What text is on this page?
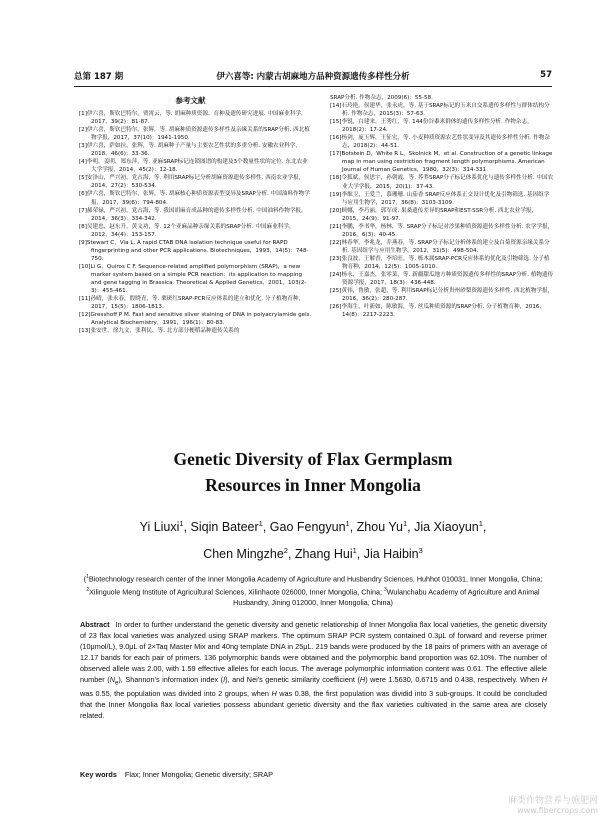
总第 187 期	伊六喜等: 内蒙古胡麻地方品种资源遗传多样性分析	57
参考文献

[1]伊六喜，斯钦巴特尔，贾霄云，等. 胡麻种质资源、育种及遗传研究进展. 中国麻业科学，2017，39(2)：81-87.

[2]伊六喜，斯钦巴特尔，张辉，等. 胡麻种质资源遗传多样性及亲缘关系的SRAP分析. 西北植物学报，2017，37(10)：1941-1950.

[3]伊六喜，萨如拉，张辉，等. 胡麻种子产量与主要农艺性状的多重分析. 安徽农业科学，2018，46(6)：33-36.

[4]李明，姜明，郑东萍，等. 亚麻SRAP标记连锁图谱的构建及3个数量性状的定位. 东北农业大学学报，2014，45(2)：12-18.

[5]安泽山，严兴初，党占海，等. 利用SRAP标记分析胡麻资源遗传多样性. 西南农业学报，2014，27(2)：530-534.

[6]伊六喜，斯钦巴特尔，张辉，等. 胡麻核心种质资源表型变异及SRAP分析. 中国油料作物学报，2017，39(6)：794-804.

[7]郝荣禄，严兴初，党占海，等. 我国胡麻育成品种的遗传多样性分析. 中国油料作物学报，2014，36(3)：334-342.

[8]吴建忠，赵东升，黄文功，等. 12个亚麻品种亲缘关系的SRAP分析. 中国麻业科学，2012，34(4)：153-157.

[9]Stewart C，Via L. A rapid CTAB DNA isolation technique useful for RAPD fingerprinting and other PCR applications. Biotechniques，1993，14(5)：748-750.

[10]Li G，Quiros C F. Sequence-related amplified polymorphism (SRAP)，a new marker system based on a simple PCR reaction：its application to mapping and gene tagging in Brassica. Theoretical & Applied Genetics，2001，103(2-3)：455-461.

[11]孙晴，张永春，殷晓青，等. 栗斑红SRAP-PCR反应体系的建立和优化. 分子植物育种，2017，15(5)：1806-1813.

[12]Gresshoff P M. Fast and sensitive silver staining of DNA in polyacrylamide gels. Analytical Biochemistry，1991，196(1)：80-83.

[13]张安世，徐九文，张利民，等. 北方部分梗稻品种遗传关系的

SRAP分析. 作物杂志，2009(6)：55-58.

[14]石玲艳，侯建华，张永虎，等. 基于SRAP标记的玉米自交系遗传多样性与群体结构分析. 作物杂志，2015(3)：57-63.

[15]李锐，白建来，王秀红，等. 144份谷黍米群体的遗传多样性分析. 作物杂志，2018(2)：17-24.

[16]杨剑，庞玉辉，王征宏，等. 小麦种质资源农艺性状变异及其遗传多样性分析. 作物杂志，2018(2)：44-51.

[17]Botstein D，White R L，Skolnick M，et al. Construction of a genetic linkage map in man using restriction fragment length polymorphisms. American Journal of Human Genetics，1980，32(3)：314-331.

[18]令狐斌，侯思宇，孙朝霞，等. 荞荞SRAP分子标记体系优化与遗传多样性分析. 中国农业大学学报，2015，20(1)：37-43.

[19]李维卫，王爱兰，慕珊珊. 山茄香 SRAP反应体系正交设计优化及引物筛选. 基因组学与应用生物学，2017，36(8)：3103-3109.

[20]顾娜，李巧丽，郭军成. 果桑遗传差异的SRAP和EST-SSR分析. 西北农业学报，2015，24(9)：91-97.

[21]李鹏，李书华，杨林，等. SRAP分子标记对沙果种质资源遗传多样性分析. 农学学报，2016，6(3)：40-45.

[22]林春华，李兆龙，乔燕春，等. SRAP分子标记分析体系的建立及白菊资源亲缘关系分析. 基因组学与应用生物学，2012，31(5)：498-504.

[23]张良波，王解香，李培旺，等. 栎木属SRAP-PCR反应体系的优化及引物筛选. 分子植物育种，2014，12(5)：1005-1010.

[24]杨永，王嘉杰，张零菜，等. 新疆甜瓜地方种质资源遗传多样性的SRAP分析. 植物遗传资源学报，2017，18(3)：436-448.

[25]黄伟，鲁敏，张超，等. 利用SRAP标记分析贵州砂梨资源遗传多样性. 西北植物学报，2016，36(2)：280-287.

[26]李海生，叶新如，陈敏海，等. 丝瓜种质资源的SRAP分析. 分子植物育种，2016，14(8)：2217-2223.

Genetic Diversity of Flax Germplasm
Resources in Inner Mongolia
Yi Liuxi$^1$, Siqin Bateer$^1$, Gao Fengyun$^1$, Zhou Yu$^1$, Jia Xiaoyun$^1$,
Chen Mingzhe$^2$, Zhang Hui$^1$, Jia Haibin$^3$
($^1$Biotechnology research center of the Inner Mongolia Academy of Agriculture and Husbandry Sciences, Huhhot 010031, Inner Mongolia, China; $^2$Xilinguole Meng Institute of Agricultural Sciences, Xilinhaote 026000, Inner Mongolia, China; $^3$Wulanchabu Academy of Agriculture and Animal Husbandry, Jining 012000, Inner Mongolia, China)
Abstract In order to further understand the genetic diversity and genetic relationship of Inner Mongolia flax local varieties, the genetic diversity of 23 flax local varieties was analyzed using SRAP markers. The optimum SRAP PCR system contained 0.3μL of forward and reverse primer (10μmol/L), 9.0μL of 2×Taq Master Mix and 40ng template DNA in 25μL. 219 bands were produced by the 18 pairs of primers with an average of 12.17 bands for each pair of primers. 136 polymorphic bands were obtained and the polymorphic band proportion was 62.10%. The number of observed allele was 2.00, with 1.59 effective alleles for each locus. The average polymorphic information content was 0.61. The effective allele number $(N_e)$, Shannon's information index (I), and Nei's genetic similarity coefficient (H) were 1.5630, 0.6715 and 0.438, respectively. When H was 0.55, the population was divided into 2 groups, when H was 0.38, the first population was dividid into 3 sub-groups. It could be concluded that the Inner Mongolia flax local varieties possess abundant genetic diversity and the flax varieties cultivated in the same area are closely related.
Key words Flax; Inner Mongolia; Genetic diversity; SRAP
麻类作物营养与施肥网
www.fibercrops.com
